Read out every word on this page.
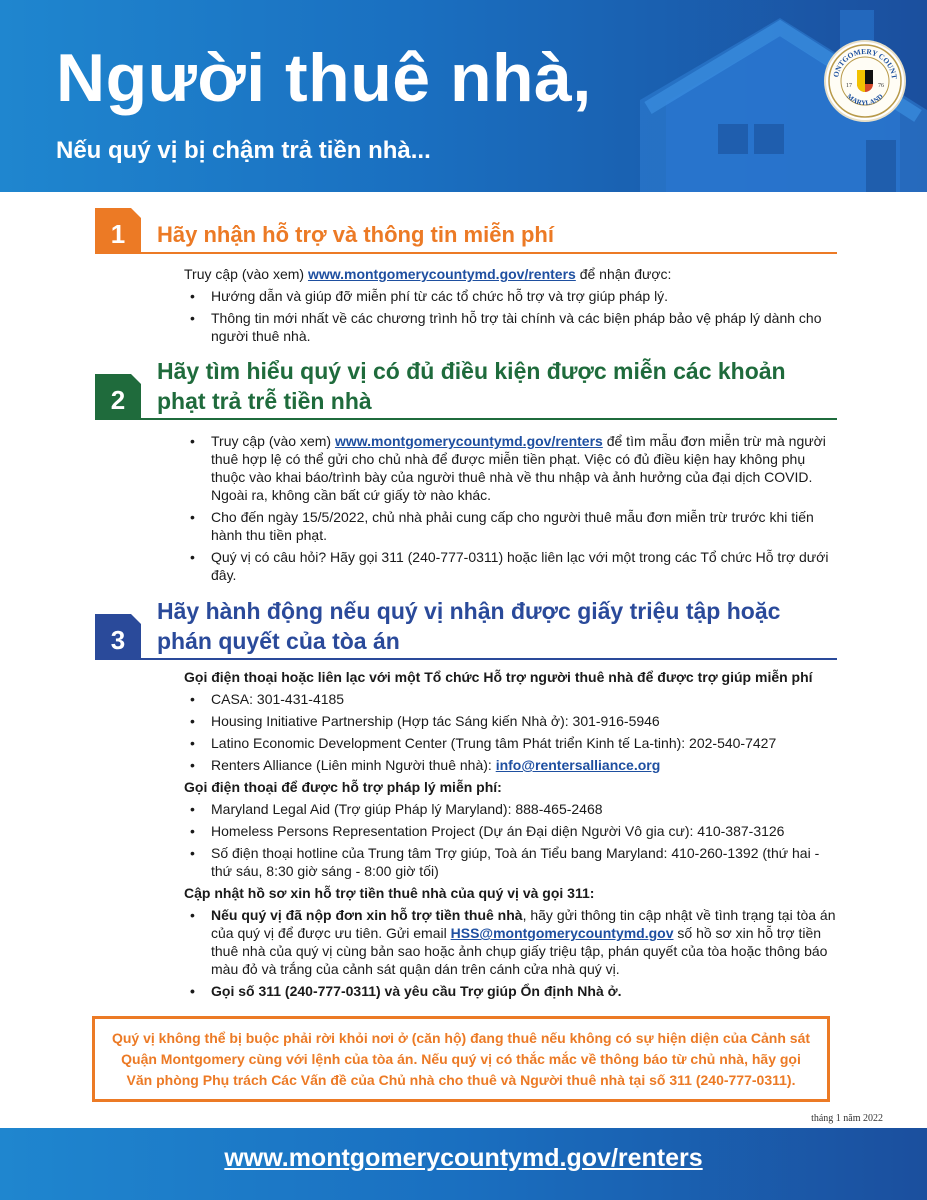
Người thuê nhà,

Nếu quý vị bị chậm trả tiền nhà...

ONTGOMERY COUNT
MARYLAND
17	76
1	Hãy nhận hỗ trợ và thông tin miễn phí

Truy cập (vào xem) www.montgomerycountymd.gov/renters để nhận được:

• Hướng dẫn và giúp đỡ miễn phí từ các tổ chức hỗ trợ và trợ giúp pháp lý.
• Thông tin mới nhất về các chương trình hỗ trợ tài chính và các biện pháp bảo vệ pháp lý dành cho người thuê nhà.
2
Hãy tìm hiểu quý vị có đủ điều kiện được miễn các khoản
phạt trả trễ tiền nhà
• Truy cập (vào xem) www.montgomerycountymd.gov/renters để tìm mẫu đơn miễn trừ mà người thuê hợp lệ có thể gửi cho chủ nhà để được miễn tiền phạt. Việc có đủ điều kiện hay không phụ thuộc vào khai báo/trình bày của người thuê nhà về thu nhập và ảnh hưởng của đại dịch COVID. Ngoài ra, không cần bất cứ giấy tờ nào khác.
• Cho đến ngày 15/5/2022, chủ nhà phải cung cấp cho người thuê mẫu đơn miễn trừ trước khi tiến hành thu tiền phạt.
• Quý vị có câu hỏi? Hãy gọi 311 (240-777-0311) hoặc liên lạc với một trong các Tổ chức Hỗ trợ dưới đây.
3
Hãy hành động nếu quý vị nhận được giấy triệu tập hoặc
phán quyết của tòa án

Gọi điện thoại hoặc liên lạc với một Tổ chức Hỗ trợ người thuê nhà để được trợ giúp miễn phí

• CASA: 301-431-4185
• Housing Initiative Partnership (Hợp tác Sáng kiến Nhà ở): 301-916-5946
• Latino Economic Development Center (Trung tâm Phát triển Kinh tế La-tinh): 202-540-7427
• Renters Alliance (Liên minh Người thuê nhà): info@rentersalliance.org

Gọi điện thoại để được hỗ trợ pháp lý miễn phí:

• Maryland Legal Aid (Trợ giúp Pháp lý Maryland): 888-465-2468
• Homeless Persons Representation Project (Dự án Đại diện Người Vô gia cư): 410-387-3126
• Số điện thoại hotline của Trung tâm Trợ giúp, Toà án Tiểu bang Maryland: 410-260-1392 (thứ hai - thứ sáu, 8:30 giờ sáng - 8:00 giờ tối)

Cập nhật hồ sơ xin hỗ trợ tiền thuê nhà của quý vị và gọi 311:

• Nếu quý vị đã nộp đơn xin hỗ trợ tiền thuê nhà, hãy gửi thông tin cập nhật về tình trạng tại tòa án của quý vị để được ưu tiên. Gửi email HSS@montgomerycountymd.gov số hồ sơ xin hỗ trợ tiền thuê nhà của quý vị cùng bản sao hoặc ảnh chụp giấy triệu tập, phán quyết của tòa hoặc thông báo màu đỏ và trắng của cảnh sát quận dán trên cánh cửa nhà quý vị.
• Gọi số 311 (240-777-0311) và yêu cầu Trợ giúp Ổn định Nhà ở.
Quý vị không thể bị buộc phải rời khỏi nơi ở (căn hộ) đang thuê nếu không có sự hiện diện của Cảnh sát Quận Montgomery cùng với lệnh của tòa án. Nếu quý vị có thắc mắc về thông báo từ chủ nhà, hãy gọi Văn phòng Phụ trách Các Vấn đề của Chủ nhà cho thuê và Người thuê nhà tại số 311 (240-777-0311).
tháng 1 năm 2022
www.montgomerycountymd.gov/renters
